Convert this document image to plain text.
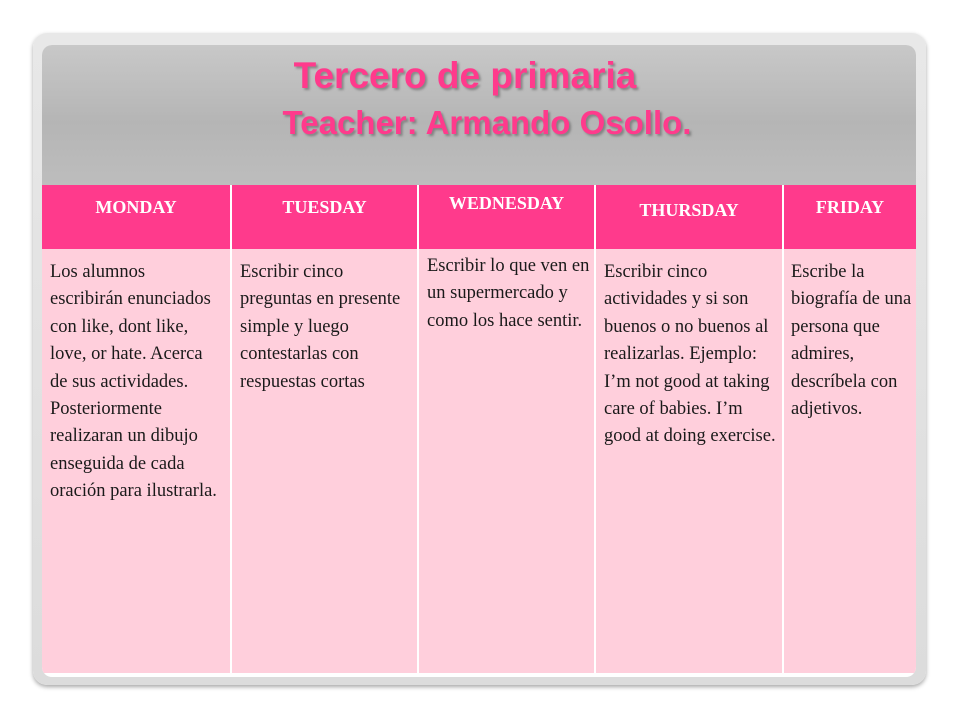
Tercero de primaria
Teacher: Armando Osollo.
MONDAY
Los alumnos escribirán enunciados con like, dont like, love, or hate. Acerca de sus actividades. Posteriormente realizaran un dibujo enseguida de cada oración para ilustrarla.
TUESDAY
Escribir cinco preguntas en presente simple y luego contestarlas con respuestas cortas
WEDNESDAY
Escribir lo que ven en un supermercado y como los hace sentir.
THURSDAY
Escribir cinco actividades y si son buenos o no buenos al realizarlas. Ejemplo: I’m not good at taking care of babies. I’m good at doing exercise.
FRIDAY
Escribe la biografía de una persona que admires, descríbela con adjetivos.
